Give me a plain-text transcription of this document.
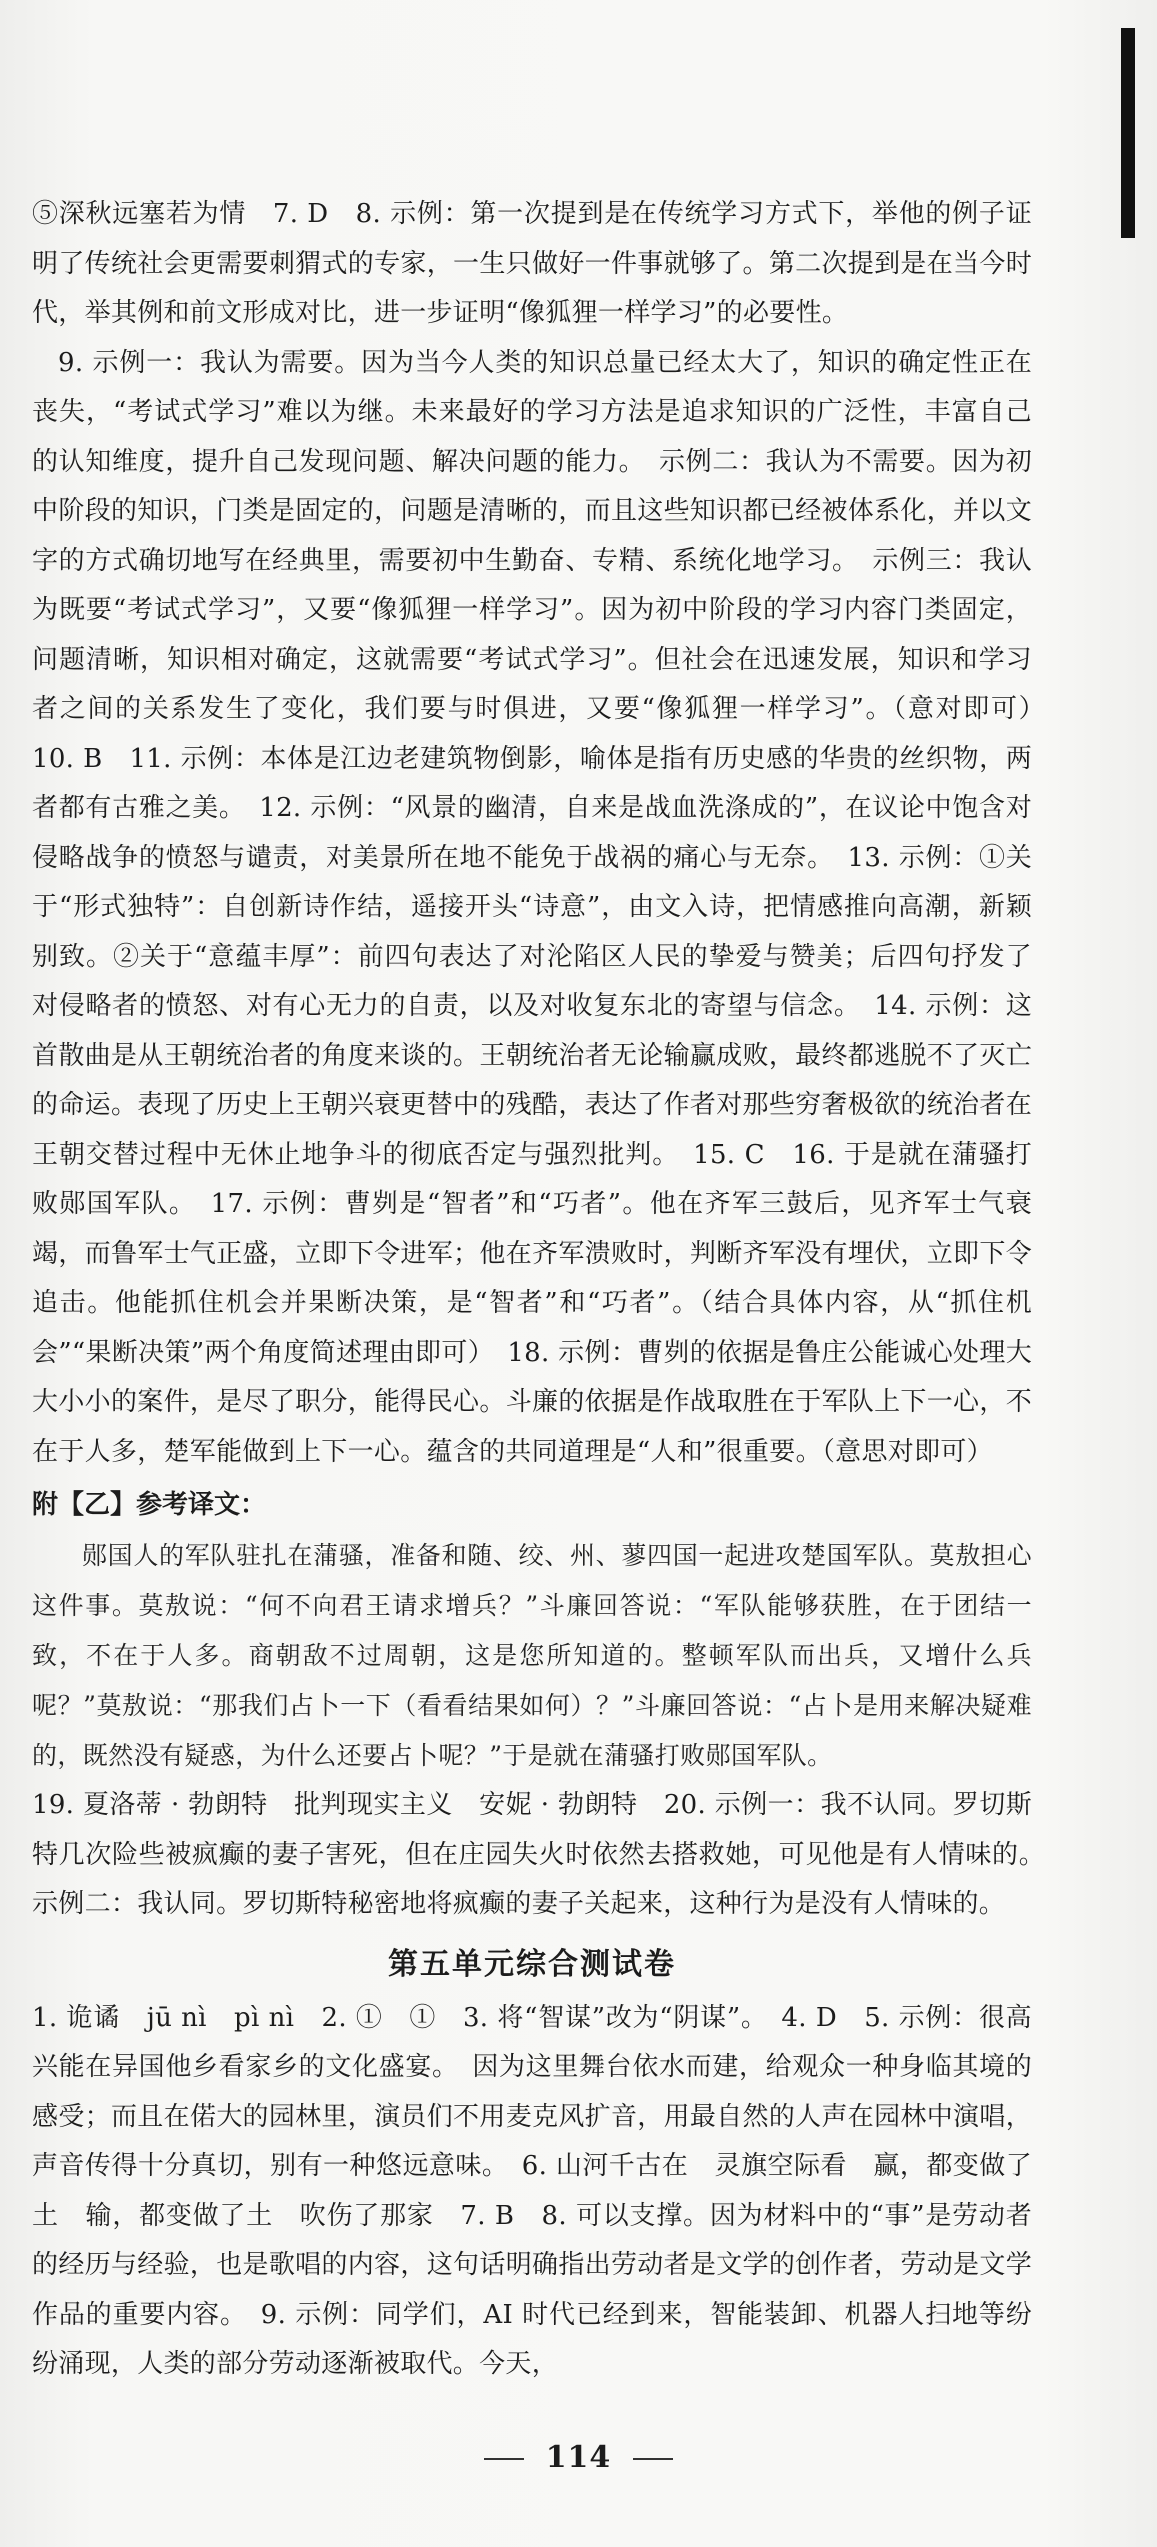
⑤深秋远塞若为情　7. D　8. 示例：第一次提到是在传统学习方式下，举他的例子证明了传统社会更需要刺猬式的专家，一生只做好一件事就够了。第二次提到是在当今时代，举其例和前文形成对比，进一步证明“像狐狸一样学习”的必要性。

9. 示例一：我认为需要。因为当今人类的知识总量已经太大了，知识的确定性正在丧失，“考试式学习”难以为继。未来最好的学习方法是追求知识的广泛性，丰富自己的认知维度，提升自己发现问题、解决问题的能力。　示例二：我认为不需要。因为初中阶段的知识，门类是固定的，问题是清晰的，而且这些知识都已经被体系化，并以文字的方式确切地写在经典里，需要初中生勤奋、专精、系统化地学习。　示例三：我认为既要“考试式学习”，又要“像狐狸一样学习”。因为初中阶段的学习内容门类固定，问题清晰，知识相对确定，这就需要“考试式学习”。但社会在迅速发展，知识和学习者之间的关系发生了变化，我们要与时俱进，又要“像狐狸一样学习”。（意对即可）　10. B　11. 示例：本体是江边老建筑物倒影，喻体是指有历史感的华贵的丝织物，两者都有古雅之美。　12. 示例：“风景的幽清，自来是战血洗涤成的”，在议论中饱含对侵略战争的愤怒与谴责，对美景所在地不能免于战祸的痛心与无奈。　13. 示例：①关于“形式独特”：自创新诗作结，遥接开头“诗意”，由文入诗，把情感推向高潮，新颖别致。②关于“意蕴丰厚”：前四句表达了对沦陷区人民的挚爱与赞美；后四句抒发了对侵略者的愤怒、对有心无力的自责，以及对收复东北的寄望与信念。　14. 示例：这首散曲是从王朝统治者的角度来谈的。王朝统治者无论输赢成败，最终都逃脱不了灭亡的命运。表现了历史上王朝兴衰更替中的残酷，表达了作者对那些穷奢极欲的统治者在王朝交替过程中无休止地争斗的彻底否定与强烈批判。　15. C　16. 于是就在蒲骚打败郧国军队。　17. 示例：曹刿是“智者”和“巧者”。他在齐军三鼓后，见齐军士气衰竭，而鲁军士气正盛，立即下令进军；他在齐军溃败时，判断齐军没有埋伏，立即下令追击。他能抓住机会并果断决策，是“智者”和“巧者”。（结合具体内容，从“抓住机会”“果断决策”两个角度简述理由即可）　18. 示例：曹刿的依据是鲁庄公能诚心处理大大小小的案件，是尽了职分，能得民心。斗廉的依据是作战取胜在于军队上下一心，不在于人多，楚军能做到上下一心。蕴含的共同道理是“人和”很重要。（意思对即可）

附【乙】参考译文：

郧国人的军队驻扎在蒲骚，准备和随、绞、州、蓼四国一起进攻楚国军队。莫敖担心这件事。莫敖说：“何不向君王请求增兵？”斗廉回答说：“军队能够获胜，在于团结一致，不在于人多。商朝敌不过周朝，这是您所知道的。整顿军队而出兵，又增什么兵呢？”莫敖说：“那我们占卜一下（看看结果如何）？”斗廉回答说：“占卜是用来解决疑难的，既然没有疑惑，为什么还要占卜呢？”于是就在蒲骚打败郧国军队。

19. 夏洛蒂 · 勃朗特　批判现实主义　安妮 · 勃朗特　20. 示例一：我不认同。罗切斯特几次险些被疯癫的妻子害死，但在庄园失火时依然去搭救她，可见他是有人情味的。　示例二：我认同。罗切斯特秘密地将疯癫的妻子关起来，这种行为是没有人情味的。

第五单元综合测试卷

1. 诡谲　jū nì　pì nì　2. ①　①　3. 将“智谋”改为“阴谋”。　4. D　5. 示例：很高兴能在异国他乡看家乡的文化盛宴。　因为这里舞台依水而建，给观众一种身临其境的感受；而且在偌大的园林里，演员们不用麦克风扩音，用最自然的人声在园林中演唱，声音传得十分真切，别有一种悠远意味。　6. 山河千古在　灵旗空际看　赢，都变做了土　输，都变做了土　吹伤了那家　7. B　8. 可以支撑。因为材料中的“事”是劳动者的经历与经验，也是歌唱的内容，这句话明确指出劳动者是文学的创作者，劳动是文学作品的重要内容。　9. 示例：同学们，AI 时代已经到来，智能装卸、机器人扫地等纷纷涌现，人类的部分劳动逐渐被取代。今天，

114
